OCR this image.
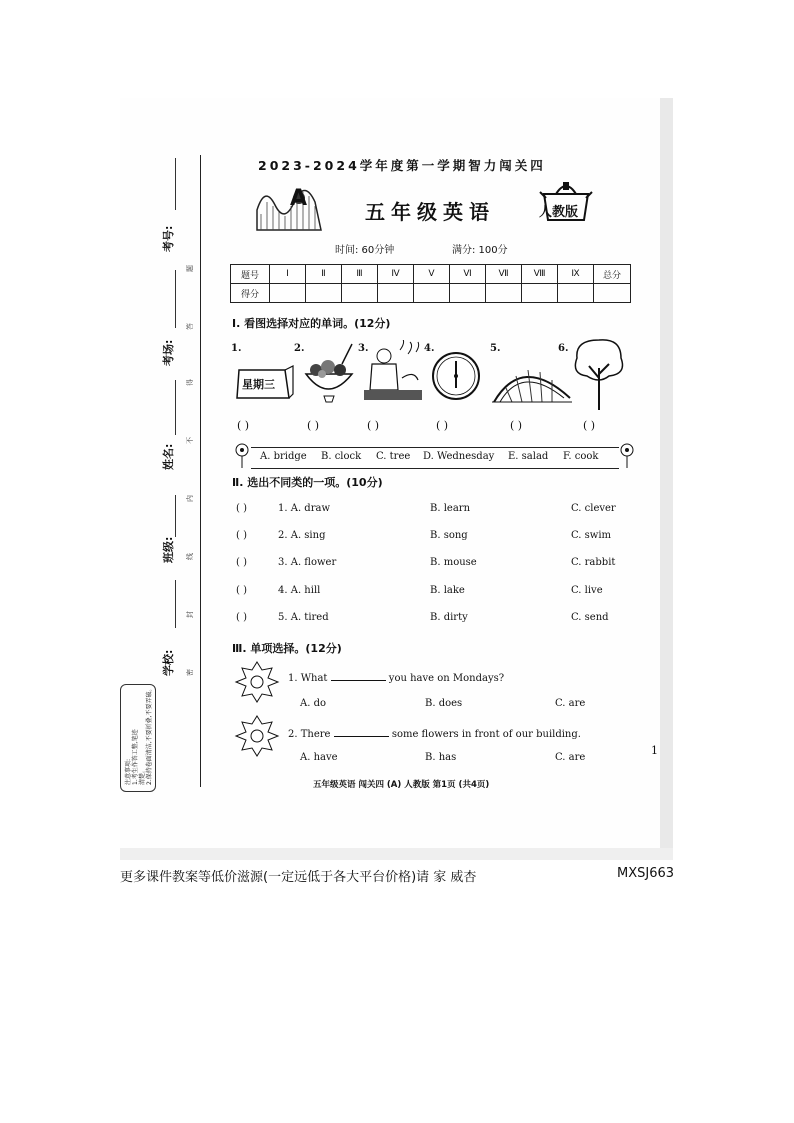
考号:
考场:
姓名:
班级:
学校:
题
答
得
不
内
线
封
密
注意事项: 1.考生作答工整,笔迹 清楚。 2.保持卷面清洁,不要折叠,不要弄破。
2023-2024学年度第一学期智力闯关四
A
五年级英语	人教版
时间: 60分钟	满分: 100分
题号	Ⅰ	Ⅱ	Ⅲ	Ⅳ	Ⅴ	Ⅵ	Ⅶ	Ⅷ	Ⅸ	总分
得分										
Ⅰ. 看图选择对应的单词。(12分)
1.
星期三
2.	3.	4.	5.	6.
( )	( )	( )	( )	( )	( )
A. bridge B. clock C. tree D. Wednesday E. salad F. cook
Ⅱ. 选出不同类的一项。(10分)
( )	1. A. draw	B. learn	C. clever
( )	2. A. sing	B. song	C. swim
( )	3. A. flower	B. mouse	C. rabbit
( )	4. A. hill	B. lake	C. live
( )	5. A. tired	B. dirty	C. send
Ⅲ. 单项选择。(12分)
1. What	you have on Mondays?
A. do	B. does	C. are
2. There	some flowers in front of our building.
A. have	B. has	C. are
1
五年级英语 闯关四 (A) 人教版 第1页 (共4页)
更多课件教案等低价滋源(一定远低于各大平台价格)请 家 威杏	MXSJ663
